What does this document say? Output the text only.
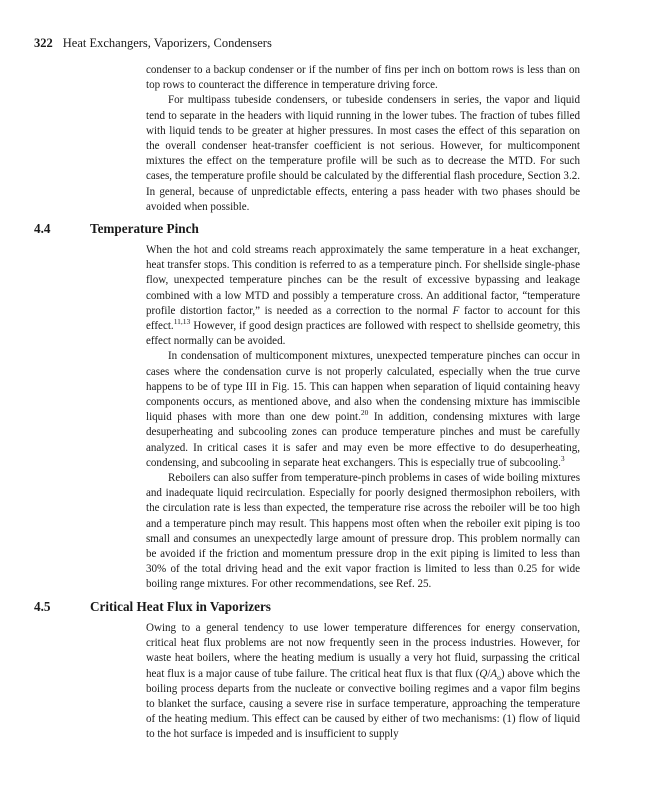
322 Heat Exchangers, Vaporizers, Condensers

condenser to a backup condenser or if the number of fins per inch on bottom rows is less than on top rows to counteract the difference in temperature driving force.

For multipass tubeside condensers, or tubeside condensers in series, the vapor and liquid tend to separate in the headers with liquid running in the lower tubes. The fraction of tubes filled with liquid tends to be greater at higher pressures. In most cases the effect of this separation on the overall condenser heat-transfer coefficient is not serious. However, for multicomponent mixtures the effect on the temperature profile will be such as to decrease the MTD. For such cases, the temperature profile should be calculated by the differential flash procedure, Section 3.2. In general, because of unpredictable effects, entering a pass header with two phases should be avoided when possible.

4.4	Temperature Pinch

When the hot and cold streams reach approximately the same temperature in a heat exchanger, heat transfer stops. This condition is referred to as a temperature pinch. For shellside single-phase flow, unexpected temperature pinches can be the result of excessive bypassing and leakage combined with a low MTD and possibly a temperature cross. An additional factor, “temperature profile distortion factor,” is needed as a correction to the normal F factor to account for this effect.$^{11,13}$ However, if good design practices are followed with respect to shellside geometry, this effect normally can be avoided.

In condensation of multicomponent mixtures, unexpected temperature pinches can occur in cases where the condensation curve is not properly calculated, especially when the true curve happens to be of type III in Fig. 15. This can happen when separation of liquid containing heavy components occurs, as mentioned above, and also when the condensing mixture has immiscible liquid phases with more than one dew point.$^{20}$ In addition, condensing mixtures with large desuperheating and subcooling zones can produce temperature pinches and must be carefully analyzed. In critical cases it is safer and may even be more effective to do desuperheating, condensing, and subcooling in separate heat exchangers. This is especially true of subcooling.$^3$

Reboilers can also suffer from temperature-pinch problems in cases of wide boiling mixtures and inadequate liquid recirculation. Especially for poorly designed thermosiphon reboilers, with the circulation rate is less than expected, the temperature rise across the reboiler will be too high and a temperature pinch may result. This happens most often when the reboiler exit piping is too small and consumes an unexpectedly large amount of pressure drop. This problem normally can be avoided if the friction and momentum pressure drop in the exit piping is limited to less than 30% of the total driving head and the exit vapor fraction is limited to less than 0.25 for wide boiling range mixtures. For other recommendations, see Ref. 25.

4.5	Critical Heat Flux in Vaporizers

Owing to a general tendency to use lower temperature differences for energy conservation, critical heat flux problems are not now frequently seen in the process industries. However, for waste heat boilers, where the heating medium is usually a very hot fluid, surpassing the critical heat flux is a major cause of tube failure. The critical heat flux is that flux $(Q/A_o)$ above which the boiling process departs from the nucleate or convective boiling regimes and a vapor film begins to blanket the surface, causing a severe rise in surface temperature, approaching the temperature of the heating medium. This effect can be caused by either of two mechanisms: (1) flow of liquid to the hot surface is impeded and is insufficient to supply
